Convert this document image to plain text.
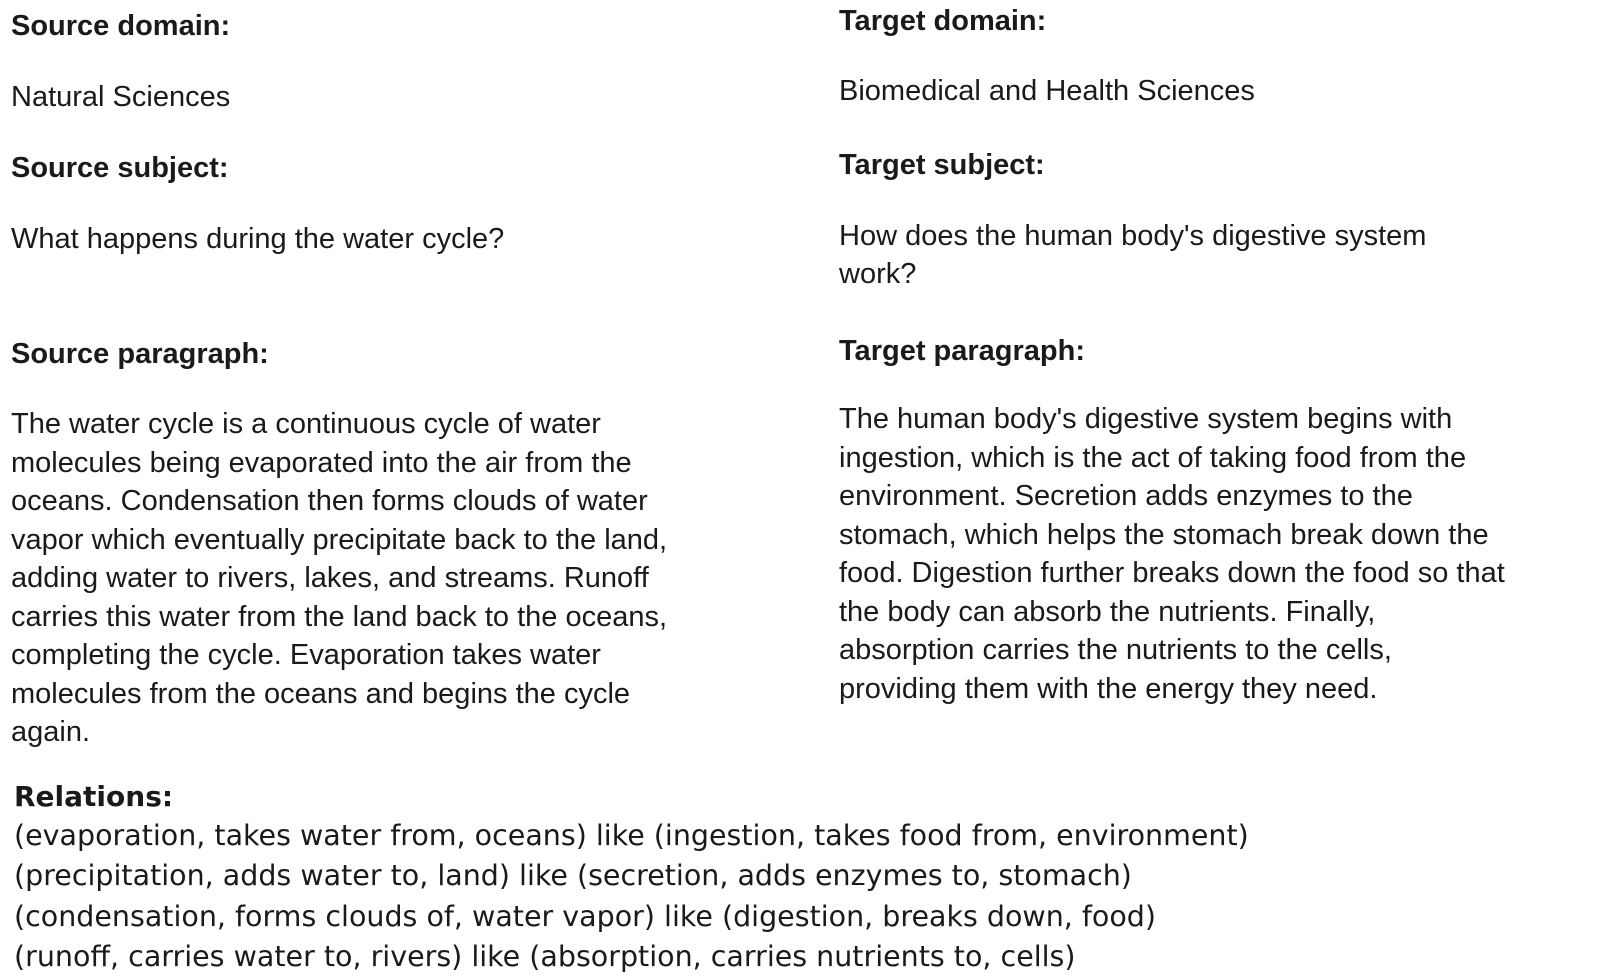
Source domain:
Natural Sciences
Source subject:
What happens during the water cycle?
Source paragraph:
The water cycle is a continuous cycle of water
molecules being evaporated into the air from the
oceans. Condensation then forms clouds of water
vapor which eventually precipitate back to the land,
adding water to rivers, lakes, and streams. Runoff
carries this water from the land back to the oceans,
completing the cycle. Evaporation takes water
molecules from the oceans and begins the cycle
again.
Target domain:
Biomedical and Health Sciences
Target subject:
How does the human body's digestive system
work?
Target paragraph:
The human body's digestive system begins with
ingestion, which is the act of taking food from the
environment. Secretion adds enzymes to the
stomach, which helps the stomach break down the
food. Digestion further breaks down the food so that
the body can absorb the nutrients. Finally,
absorption carries the nutrients to the cells,
providing them with the energy they need.
Relations:
(evaporation, takes water from, oceans) like (ingestion, takes food from, environment)
(precipitation, adds water to, land) like (secretion, adds enzymes to, stomach)
(condensation, forms clouds of, water vapor) like (digestion, breaks down, food)
(runoff, carries water to, rivers) like (absorption, carries nutrients to, cells)
